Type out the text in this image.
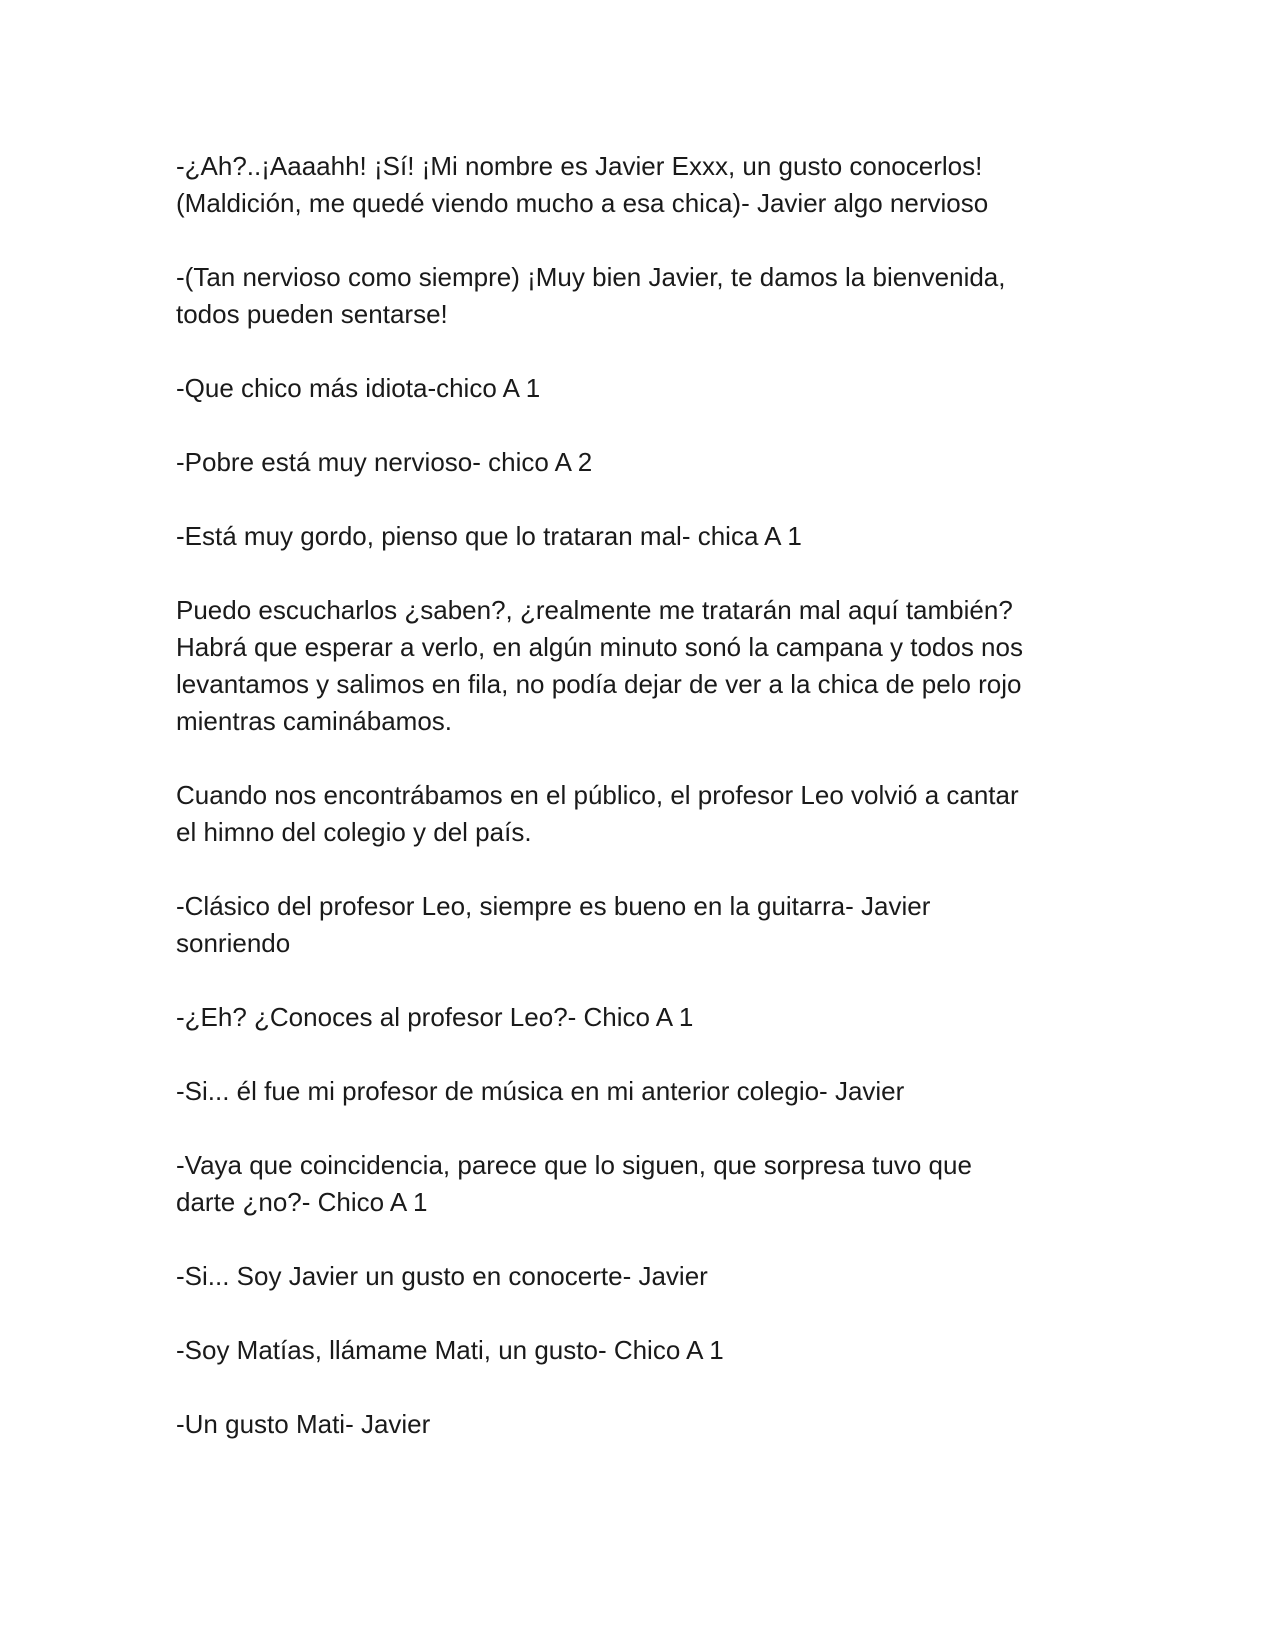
-¿Ah?..¡Aaaahh! ¡Sí! ¡Mi nombre es Javier Exxx, un gusto conocerlos!
(Maldición, me quedé viendo mucho a esa chica)- Javier algo nervioso

-(Tan nervioso como siempre) ¡Muy bien Javier, te damos la bienvenida,
todos pueden sentarse!

-Que chico más idiota-chico A 1

-Pobre está muy nervioso- chico A 2

-Está muy gordo, pienso que lo trataran mal- chica A 1

Puedo escucharlos ¿saben?, ¿realmente me tratarán mal aquí también?
Habrá que esperar a verlo, en algún minuto sonó la campana y todos nos
levantamos y salimos en fila, no podía dejar de ver a la chica de pelo rojo
mientras caminábamos.

Cuando nos encontrábamos en el público, el profesor Leo volvió a cantar
el himno del colegio y del país.

-Clásico del profesor Leo, siempre es bueno en la guitarra- Javier
sonriendo

-¿Eh? ¿Conoces al profesor Leo?- Chico A 1

-Si... él fue mi profesor de música en mi anterior colegio- Javier

-Vaya que coincidencia, parece que lo siguen, que sorpresa tuvo que
darte ¿no?- Chico A 1

-Si... Soy Javier un gusto en conocerte- Javier

-Soy Matías, llámame Mati, un gusto- Chico A 1

-Un gusto Mati- Javier
